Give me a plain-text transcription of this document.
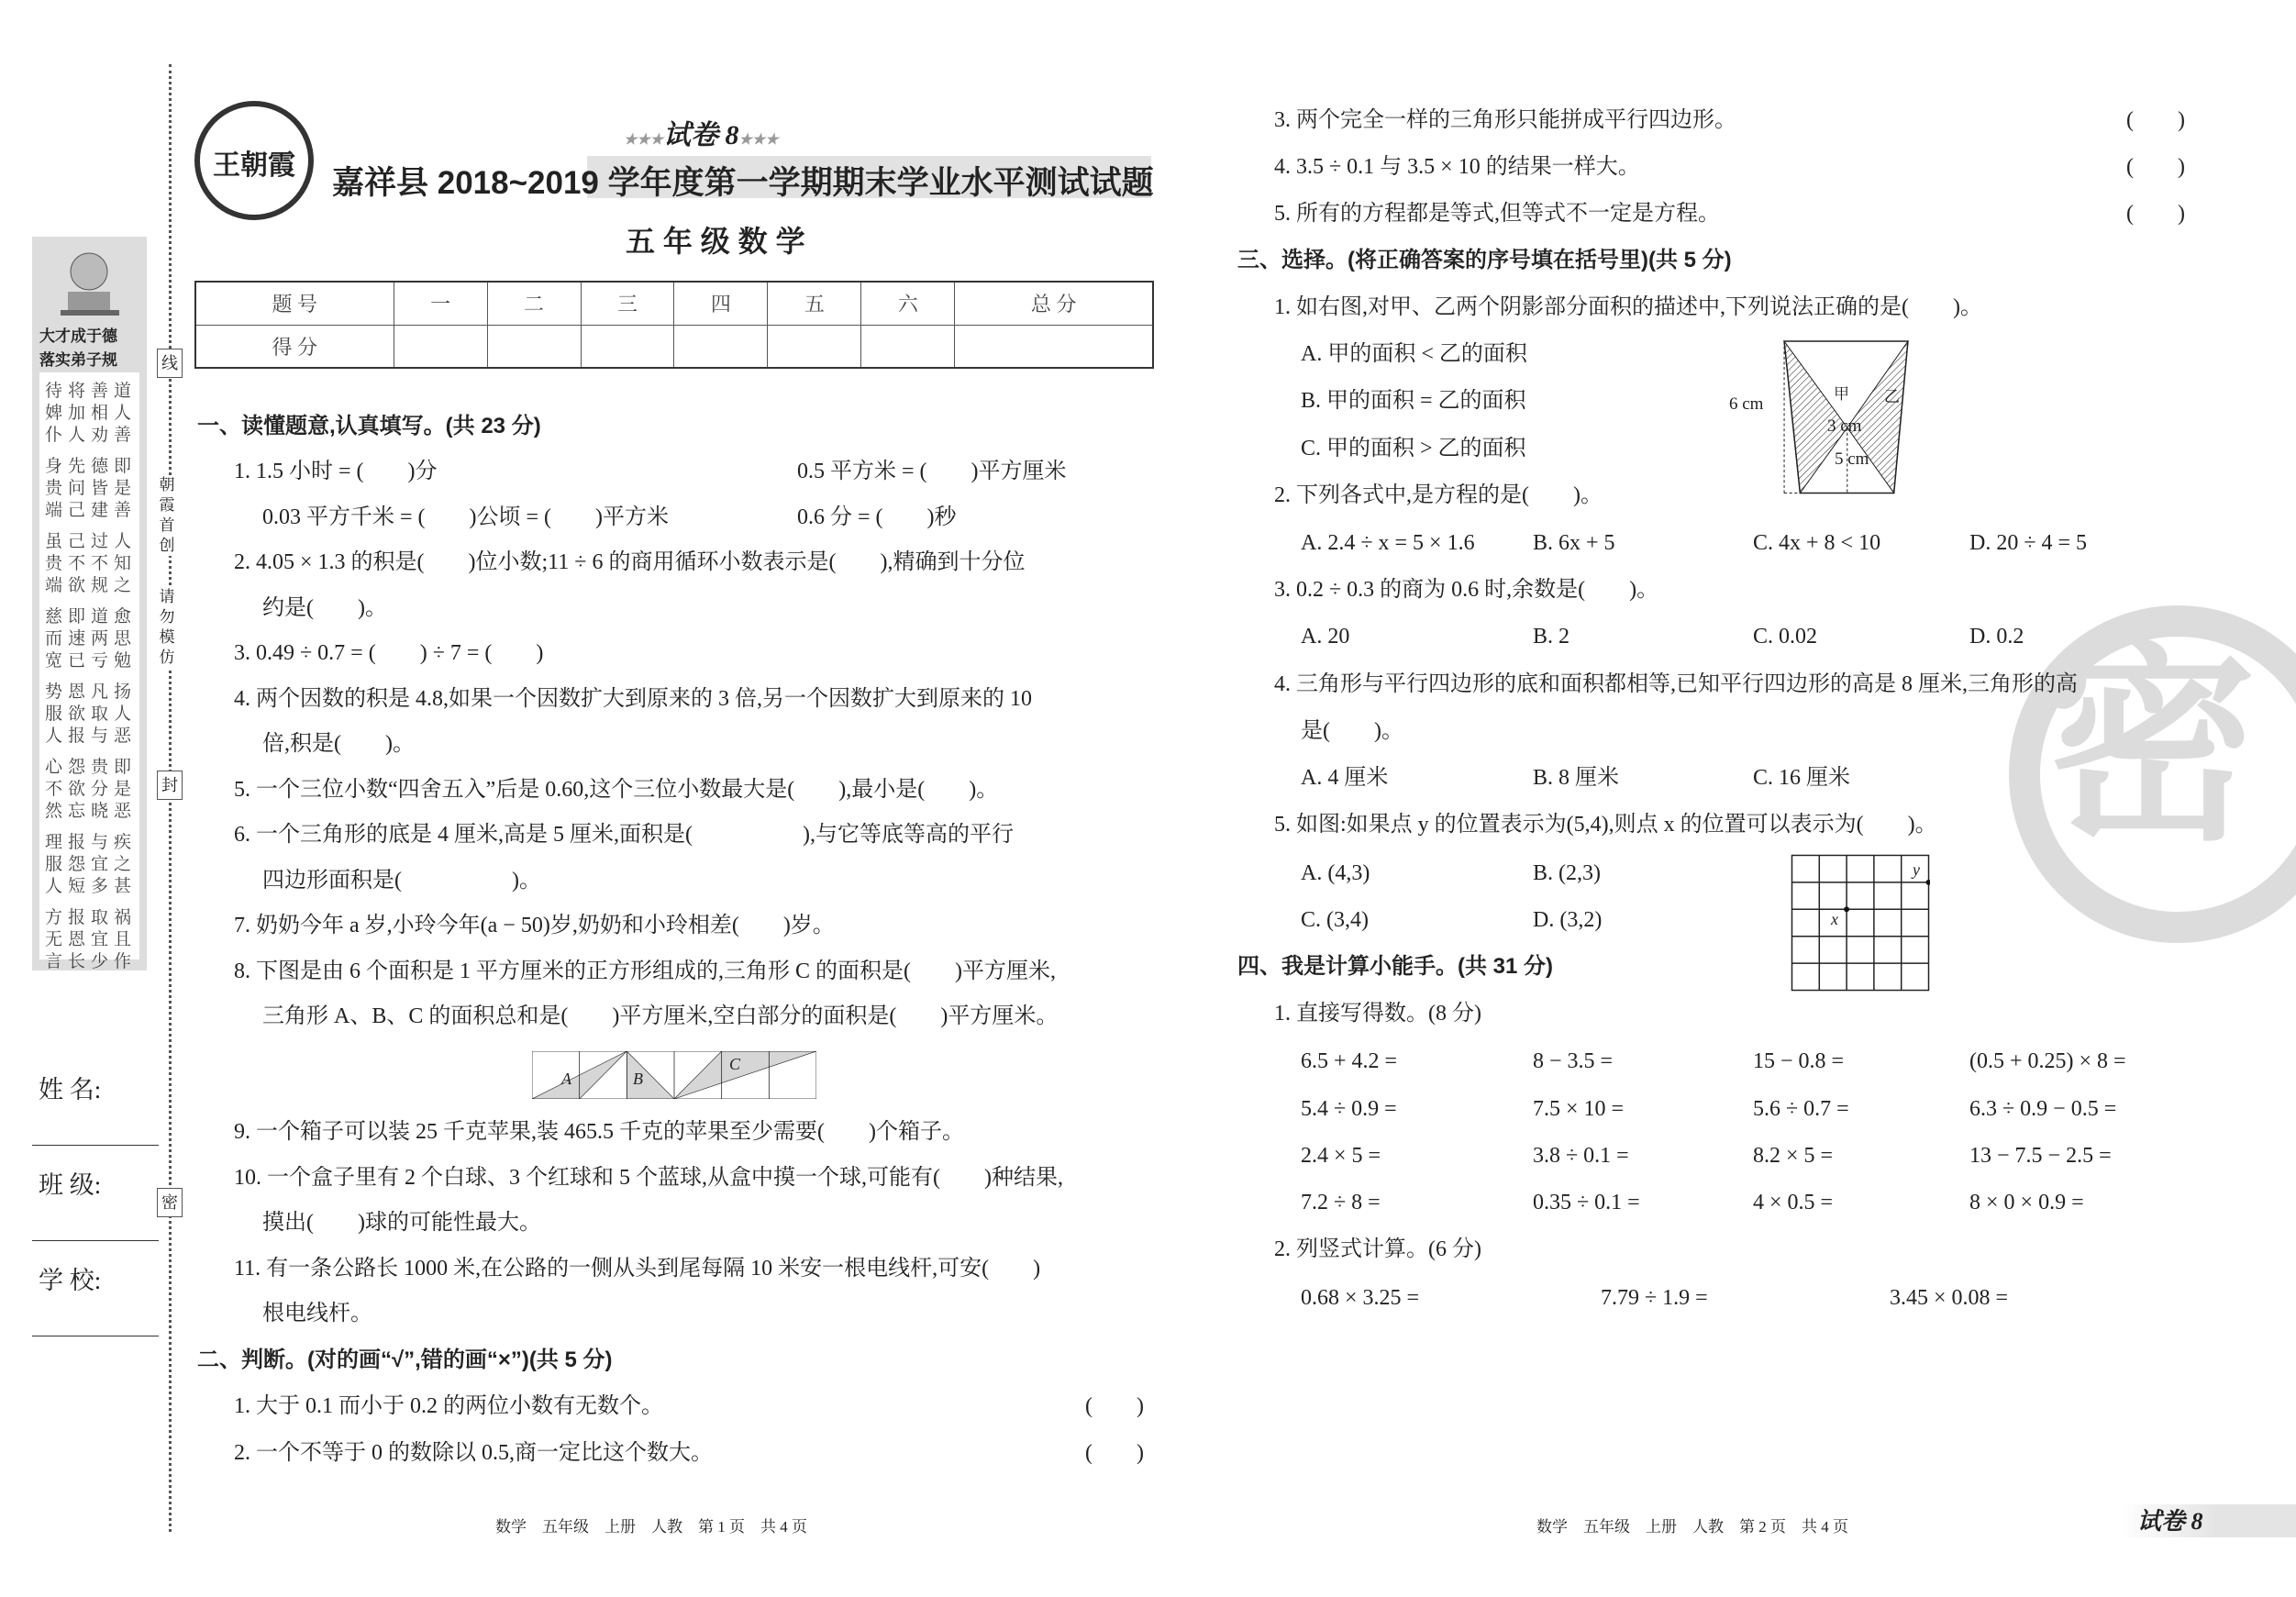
线
封
密
朝霞首创
请勿模仿
大才成于德
落实弟子规
待将善道
婢加相人
仆人劝善
身先德即
贵问皆是
端己建善
虽己过人
贵不不知
端欲规之
慈即道愈
而速两思
宽已亏勉
势恩凡扬
服欲取人
人报与恶
心怨贵即
不欲分是
然忘晓恶
理报与疾
服怨宜之
人短多甚
方报取祸
无恩宜且
言长少作
姓 名:
班 级:
学 校:
王朝霞
★★★试卷 8★★★
嘉祥县 2018~2019 学年度第一学期期末学业水平测试试题
五 年 级 数 学
题 号	一	二	三	四	五	六	总 分
得 分							
一、读懂题意,认真填写。(共 23 分)
1. 1.5 小时 = (　　)分	0.5 平方米 = (　　)平方厘米
0.03 平方千米 = (　　)公顷 = (　　)平方米	0.6 分 = (　　)秒
2. 4.05 × 1.3 的积是(　　)位小数;11 ÷ 6 的商用循环小数表示是(　　),精确到十分位
约是(　　)。
3. 0.49 ÷ 0.7 = (　　) ÷ 7 = (　　)
4. 两个因数的积是 4.8,如果一个因数扩大到原来的 3 倍,另一个因数扩大到原来的 10
倍,积是(　　)。
5. 一个三位小数“四舍五入”后是 0.60,这个三位小数最大是(　　),最小是(　　)。
6. 一个三角形的底是 4 厘米,高是 5 厘米,面积是(　　　　　),与它等底等高的平行
四边形面积是(　　　　　)。
7. 奶奶今年 a 岁,小玲今年(a − 50)岁,奶奶和小玲相差(　　)岁。
8. 下图是由 6 个面积是 1 平方厘米的正方形组成的,三角形 C 的面积是(　　)平方厘米,
三角形 A、B、C 的面积总和是(　　)平方厘米,空白部分的面积是(　　)平方厘米。
A	B
C
9. 一个箱子可以装 25 千克苹果,装 465.5 千克的苹果至少需要(　　)个箱子。
10. 一个盒子里有 2 个白球、3 个红球和 5 个蓝球,从盒中摸一个球,可能有(　　)种结果,
摸出(　　)球的可能性最大。
11. 有一条公路长 1000 米,在公路的一侧从头到尾每隔 10 米安一根电线杆,可安(　　)
根电线杆。
二、判断。(对的画“√”,错的画“×”)(共 5 分)
1. 大于 0.1 而小于 0.2 的两位小数有无数个。	(　　)
2. 一个不等于 0 的数除以 0.5,商一定比这个数大。	(　　)
数学　五年级　上册　人教　第 1 页　共 4 页
密
3. 两个完全一样的三角形只能拼成平行四边形。	(　　)
4. 3.5 ÷ 0.1 与 3.5 × 10 的结果一样大。	(　　)
5. 所有的方程都是等式,但等式不一定是方程。	(　　)
三、选择。(将正确答案的序号填在括号里)(共 5 分)
1. 如右图,对甲、乙两个阴影部分面积的描述中,下列说法正确的是(　　)。
A. 甲的面积 < 乙的面积
B. 甲的面积 = 乙的面积
C. 甲的面积 > 乙的面积
甲 乙
6 cm
3 cm
5 cm
2. 下列各式中,是方程的是(　　)。
A. 2.4 ÷ x = 5 × 1.6	B. 6x + 5	C. 4x + 8 < 10	D. 20 ÷ 4 = 5
3. 0.2 ÷ 0.3 的商为 0.6 时,余数是(　　)。
A. 20	B. 2	C. 0.02	D. 0.2
4. 三角形与平行四边形的底和面积都相等,已知平行四边形的高是 8 厘米,三角形的高
是(　　)。
A. 4 厘米	B. 8 厘米	C. 16 厘米
5. 如图:如果点 y 的位置表示为(5,4),则点 x 的位置可以表示为(　　)。
A. (4,3)	B. (2,3)
C. (3,4)	D. (3,2)
y
x
四、我是计算小能手。(共 31 分)
1. 直接写得数。(8 分)
6.5 + 4.2 =	8 − 3.5 =	15 − 0.8 =	(0.5 + 0.25) × 8 =
5.4 ÷ 0.9 =	7.5 × 10 =	5.6 ÷ 0.7 =	6.3 ÷ 0.9 − 0.5 =
2.4 × 5 =	3.8 ÷ 0.1 =	8.2 × 5 =	13 − 7.5 − 2.5 =
7.2 ÷ 8 =	0.35 ÷ 0.1 =	4 × 0.5 =	8 × 0 × 0.9 =
2. 列竖式计算。(6 分)
0.68 × 3.25 =	7.79 ÷ 1.9 =	3.45 × 0.08 =
数学　五年级　上册　人教　第 2 页　共 4 页	试卷 8
